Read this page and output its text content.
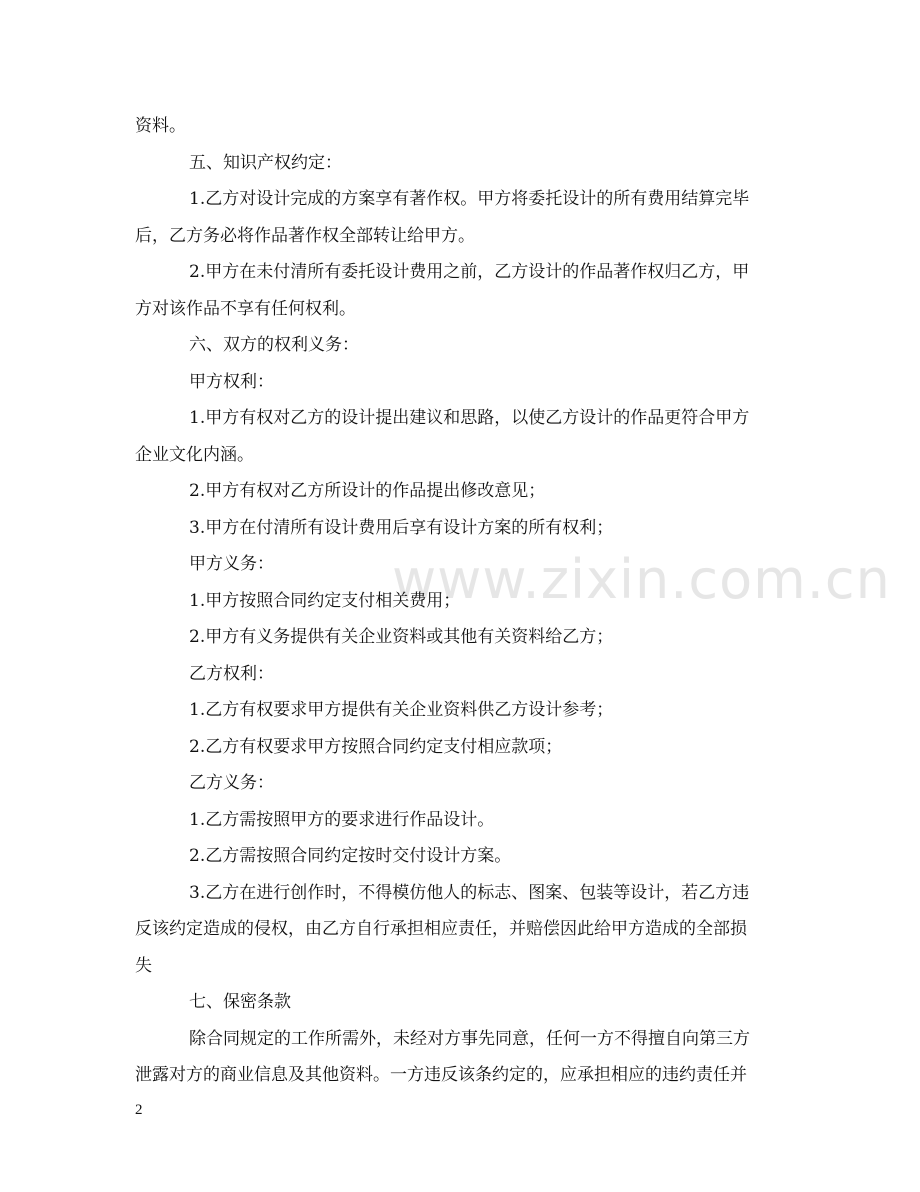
www.zixin.com.cn
资料。
五、知识产权约定：
1.乙方对设计完成的方案享有著作权。甲方将委托设计的所有费用结算完毕
后，乙方务必将作品著作权全部转让给甲方。
2.甲方在未付清所有委托设计费用之前，乙方设计的作品著作权归乙方，甲
方对该作品不享有任何权利。
六、双方的权利义务：
甲方权利：
1.甲方有权对乙方的设计提出建议和思路，以使乙方设计的作品更符合甲方
企业文化内涵。
2.甲方有权对乙方所设计的作品提出修改意见；
3.甲方在付清所有设计费用后享有设计方案的所有权利；
甲方义务：
1.甲方按照合同约定支付相关费用；
2.甲方有义务提供有关企业资料或其他有关资料给乙方；
乙方权利：
1.乙方有权要求甲方提供有关企业资料供乙方设计参考；
2.乙方有权要求甲方按照合同约定支付相应款项；
乙方义务：
1.乙方需按照甲方的要求进行作品设计。
2.乙方需按照合同约定按时交付设计方案。
3.乙方在进行创作时，不得模仿他人的标志、图案、包装等设计，若乙方违
反该约定造成的侵权，由乙方自行承担相应责任，并赔偿因此给甲方造成的全部损
失
七、保密条款
除合同规定的工作所需外，未经对方事先同意，任何一方不得擅自向第三方
泄露对方的商业信息及其他资料。一方违反该条约定的，应承担相应的违约责任并
2
